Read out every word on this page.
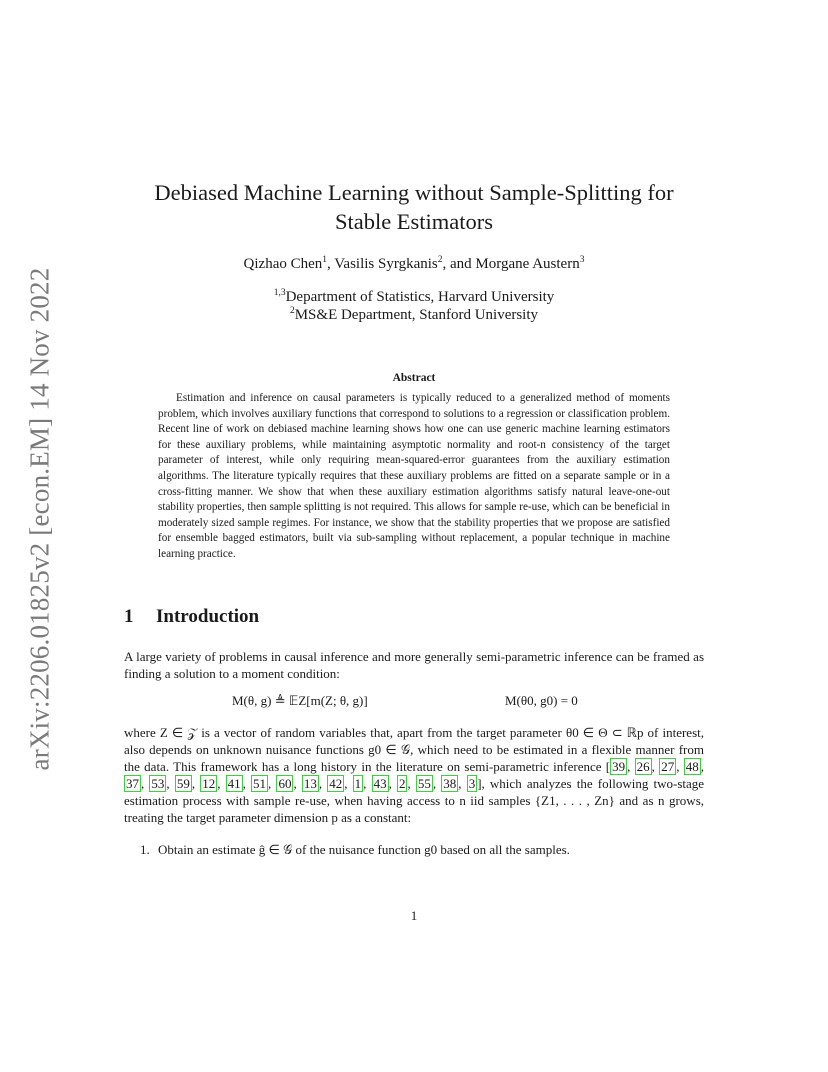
arXiv:2206.01825v2 [econ.EM] 14 Nov 2022
Debiased Machine Learning without Sample-Splitting for
Stable Estimators
Qizhao Chen$^1$, Vasilis Syrgkanis$^2$, and Morgane Austern$^3$
$^{1,3}$Department of Statistics, Harvard University
$^2$MS&E Department, Stanford University
Abstract
Estimation and inference on causal parameters is typically reduced to a generalized method of moments problem, which involves auxiliary functions that correspond to solutions to a regression or classification problem. Recent line of work on debiased machine learning shows how one can use generic machine learning estimators for these auxiliary problems, while maintaining asymptotic normality and root-n consistency of the target parameter of interest, while only requiring mean-squared-error guarantees from the auxiliary estimation algorithms. The literature typically requires that these auxiliary problems are fitted on a separate sample or in a cross-fitting manner. We show that when these auxiliary estimation algorithms satisfy natural leave-one-out stability properties, then sample splitting is not required. This allows for sample re-use, which can be beneficial in moderately sized sample regimes. For instance, we show that the stability properties that we propose are satisfied for ensemble bagged estimators, built via sub-sampling without replacement, a popular technique in machine learning practice.
1 Introduction
A large variety of problems in causal inference and more generally semi-parametric inference can be framed as finding a solution to a moment condition:
M(θ, g) ≜ 𝔼Z[m(Z; θ, g)]	M(θ0, g0) = 0
where Z ∈ 𝒵 is a vector of random variables that, apart from the target parameter θ0 ∈ Θ ⊂ ℝp of interest, also depends on unknown nuisance functions g0 ∈ 𝒢, which need to be estimated in a flexible manner from the data. This framework has a long history in the literature on semi-parametric inference [ 39 , 26 , 27 , 48 , 37 , 53 , 59 , 12 , 41 , 51 , 60 , 13 , 42 , 1 , 43 , 2 , 55 , 38 , 3 ], which analyzes the following two-stage estimation process with sample re-use, when having access to n iid samples {Z1, . . . , Zn} and as n grows, treating the target parameter dimension p as a constant:
1. Obtain an estimate ĝ ∈ 𝒢 of the nuisance function g0 based on all the samples.
1
